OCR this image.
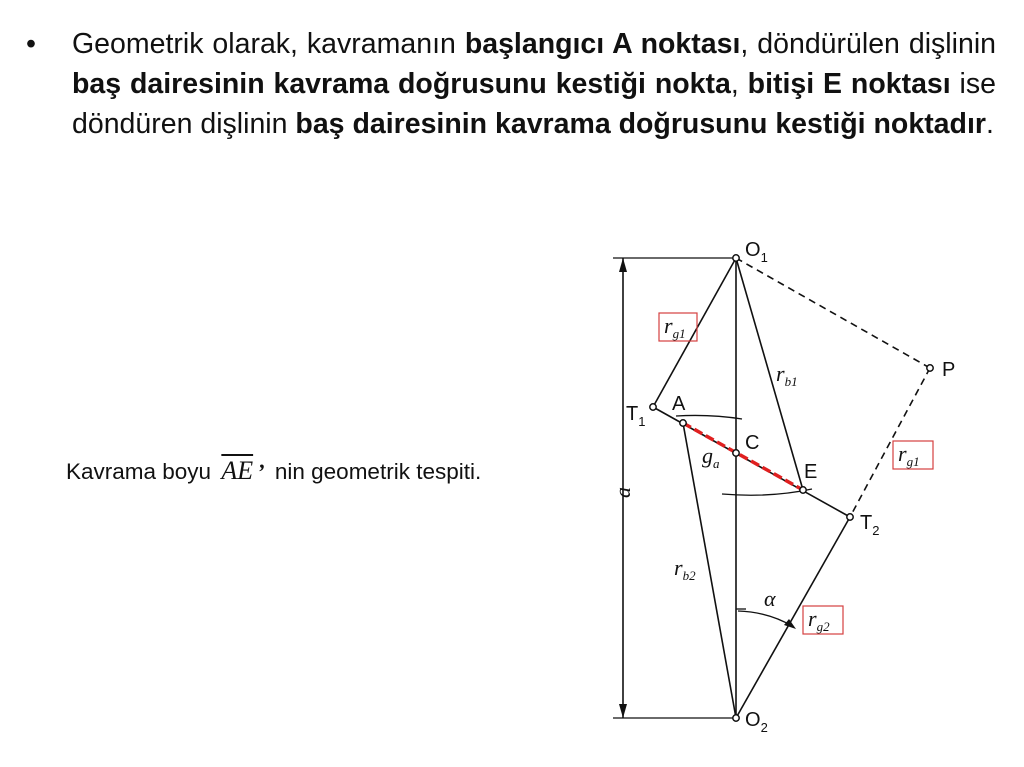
• Geometrik olarak, kavramanın başlangıcı A noktası, döndürülen dişlinin baş dairesinin kavrama doğrusunu kestiği nokta, bitişi E noktası ise döndüren dişlinin baş dairesinin kavrama doğrusunu kestiği noktadır.
Kavrama boyu $\overline{AE}$ ’ nin geometrik tespiti.
$O_1$
$O_2$
P
$T_1$
$T_2$
A
C
E
$r_{g1}$
$r_{g1}$
$r_{g2}$
$r_{b1}$
$g_a$
$r_{b2}$
α
a
